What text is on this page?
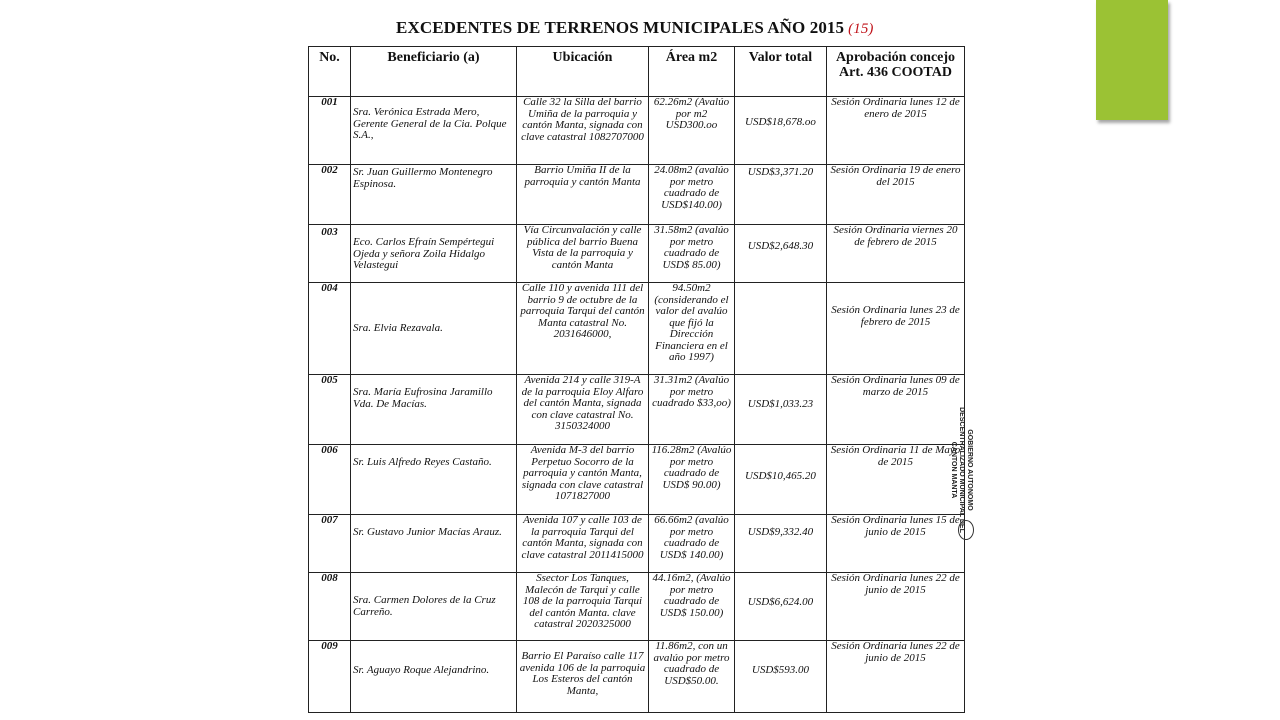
EXCEDENTES DE TERRENOS MUNICIPALES AÑO 2015 (15)
No.	Beneficiario (a)	Ubicación	Área m2	Valor total	Aprobación concejo Art. 436 COOTAD
001	Sra. Verónica Estrada Mero, Gerente General de la Cia. Polque S.A.,	Calle 32 la Silla del barrio Umiña de la parroquia y cantón Manta, signada con clave catastral 1082707000	62.26m2 (Avalúo por m2 USD300.oo	USD$18,678.oo	Sesión Ordinaria lunes 12 de enero de 2015
002	Sr. Juan Guillermo Montenegro Espinosa.	Barrio Umiña II de la parroquia y cantón Manta	24.08m2 (avalúo por metro cuadrado de USD$140.00)	USD$3,371.20	Sesión Ordinaria 19 de enero del 2015
003	Eco. Carlos Efraín Sempértegui Ojeda y señora Zoila Hidalgo Velastegui	Vía Circunvalación y calle pública del barrio Buena Vista de la parroquia y cantón Manta	31.58m2 (avalúo por metro cuadrado de USD$ 85.00)	USD$2,648.30	Sesión Ordinaria viernes 20 de febrero de 2015
004	Sra. Elvia Rezavala.	Calle 110 y avenida 111 del barrio 9 de octubre de la parroquia Tarqui del cantón Manta catastral No. 2031646000,	94.50m2 (considerando el valor del avalúo que fijó la Dirección Financiera en el año 1997)		Sesión Ordinaria lunes 23 de febrero de 2015
005	Sra. María Eufrosina Jaramillo Vda. De Macías.	Avenida 214 y calle 319-A de la parroquia Eloy Alfaro del cantón Manta, signada con clave catastral No. 3150324000	31.31m2 (Avalúo por metro cuadrado $33,oo)	USD$1,033.23	Sesión Ordinaria lunes 09 de marzo de 2015
006	Sr. Luis Alfredo Reyes Castaño.	Avenida M-3 del barrio Perpetuo Socorro de la parroquia y cantón Manta, signada con clave catastral 1071827000	116.28m2 (Avalúo por metro cuadrado de USD$ 90.00)	USD$10,465.20	Sesión Ordinaria 11 de Mayo de 2015
007	Sr. Gustavo Junior Macías Arauz.	Avenida 107 y calle 103 de la parroquia Tarqui del cantón Manta, signada con clave catastral 2011415000	66.66m2 (avalúo por metro cuadrado de USD$ 140.00)	USD$9,332.40	Sesión Ordinaria lunes 15 de junio de 2015
008	Sra. Carmen Dolores de la Cruz Carreño.	Ssector Los Tanques, Malecón de Tarqui y calle 108 de la parroquia Tarqui del cantón Manta. clave catastral 2020325000	44.16m2, (Avalúo por metro cuadrado de USD$ 150.00)	USD$6,624.00	Sesión Ordinaria lunes 22 de junio de 2015
009	Sr. Aguayo Roque Alejandrino.	Barrio El Paraíso calle 117 avenida 106 de la parroquia Los Esteros del cantón Manta,	11.86m2, con un avalúo por metro cuadrado de USD$50.00.	USD$593.00	Sesión Ordinaria lunes 22 de junio de 2015
GOBIERNO AUTONOMO DESCENTRALIZADO MUNICIPAL DEL CANTON MANTA
